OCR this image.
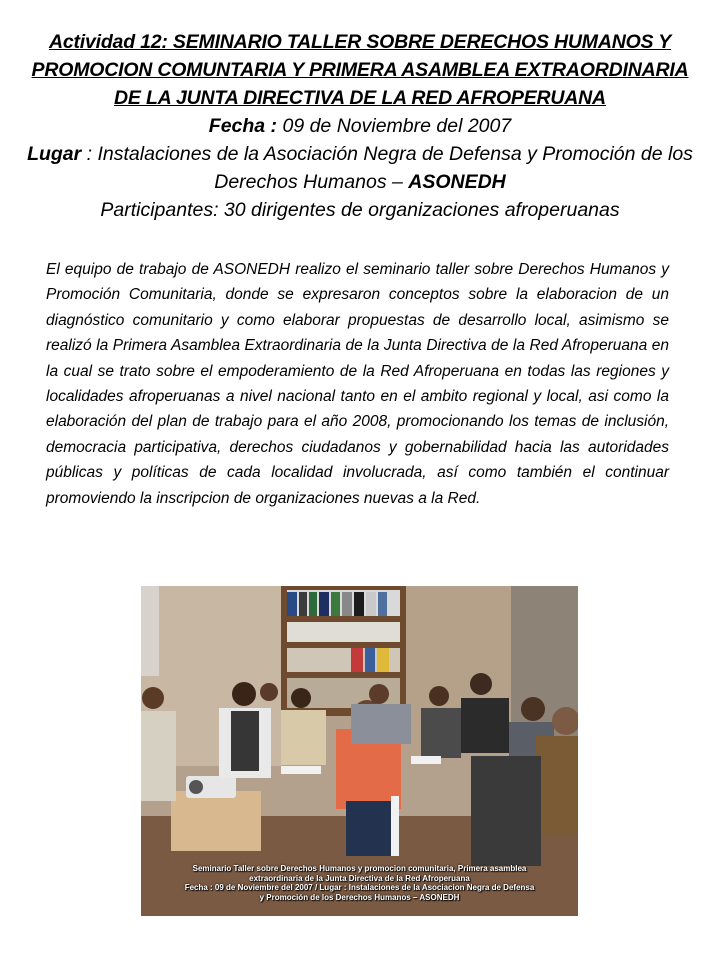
Actividad 12: SEMINARIO TALLER SOBRE DERECHOS HUMANOS Y
PROMOCION COMUNTARIA Y PRIMERA ASAMBLEA EXTRAORDINARIA
DE LA JUNTA DIRECTIVA DE LA RED AFROPERUANA
Fecha : 09 de Noviembre del 2007
Lugar : Instalaciones de la Asociación Negra de Defensa y Promoción de los
Derechos Humanos – ASONEDH
Participantes: 30 dirigentes de organizaciones afroperuanas

El equipo de trabajo de ASONEDH realizo el seminario taller sobre Derechos Humanos y Promoción Comunitaria, donde se expresaron conceptos sobre la elaboracion de un diagnóstico comunitario y como elaborar propuestas de desarrollo local, asimismo se realizó la Primera Asamblea Extraordinaria de la Junta Directiva de la Red Afroperuana en la cual se trato sobre el empoderamiento de la Red Afroperuana en todas las regiones y localidades afroperuanas a nivel nacional tanto en el ambito regional y local, asi como la elaboración del plan de trabajo para el año 2008, promocionando los temas de inclusión, democracia participativa, derechos ciudadanos y gobernabilidad hacia las autoridades públicas y políticas de cada localidad involucrada, así como también el continuar promoviendo la inscripcion de organizaciones nuevas a la Red.

Seminario Taller sobre Derechos Humanos y promocion comunitaria, Primera asamblea
extraordinaria de la Junta Directiva de la Red Afroperuana
Fecha : 09 de Noviembre del 2007 / Lugar : Instalaciones de la Asociacion Negra de Defensa
y Promoción de los Derechos Humanos – ASONEDH
